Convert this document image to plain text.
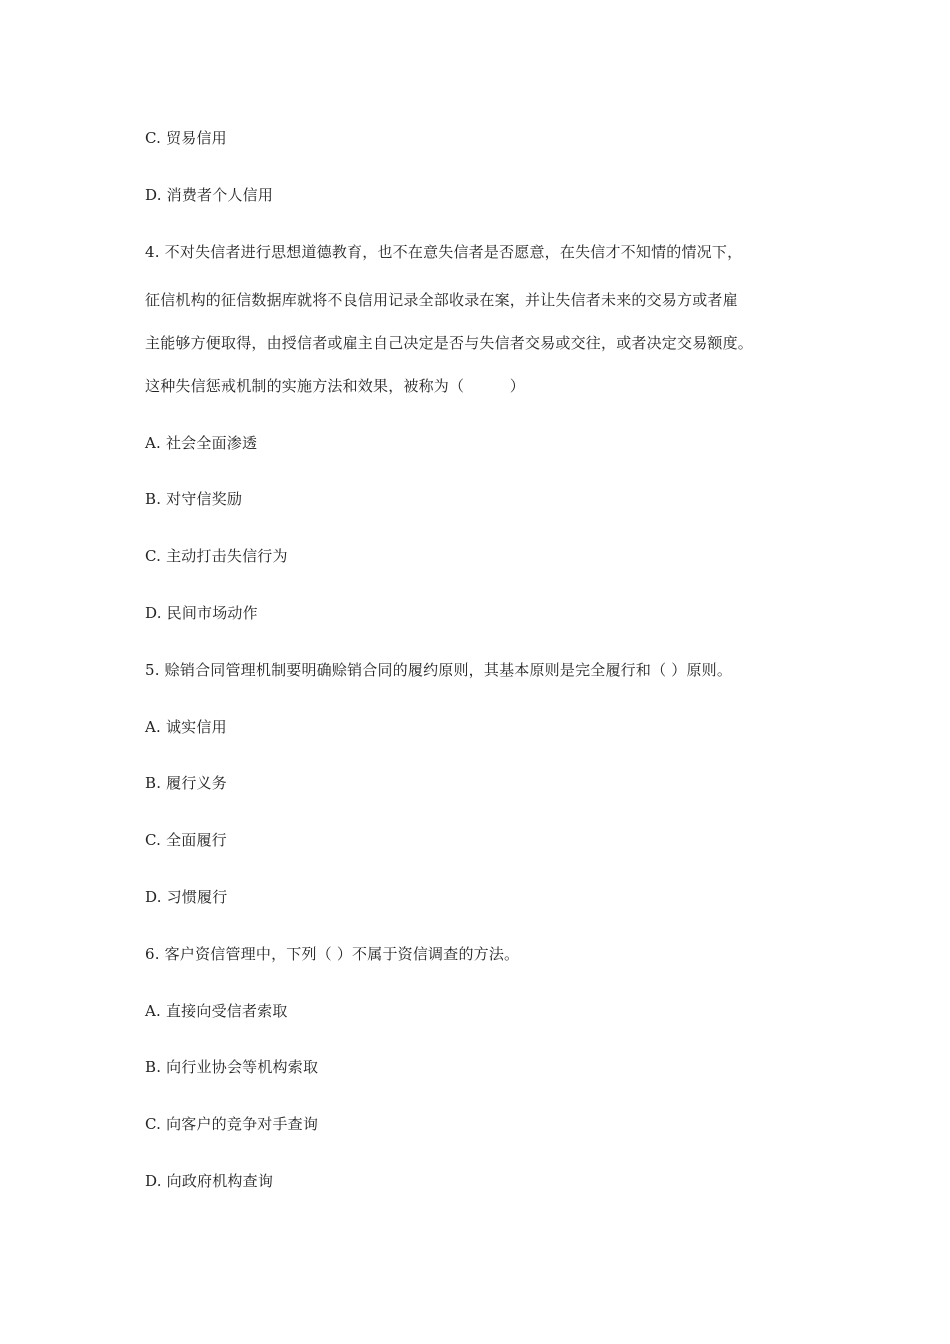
C. 贸易信用
D. 消费者个人信用
4. 不对失信者进行思想道德教育，也不在意失信者是否愿意，在失信才不知情的情况下，
征信机构的征信数据库就将不良信用记录全部收录在案，并让失信者未来的交易方或者雇
主能够方便取得，由授信者或雇主自己决定是否与失信者交易或交往，或者决定交易额度。
这种失信惩戒机制的实施方法和效果，被称为（　　　）
A. 社会全面渗透
B. 对守信奖励
C. 主动打击失信行为
D. 民间市场动作
5. 赊销合同管理机制要明确赊销合同的履约原则，其基本原则是完全履行和（ ）原则。
A. 诚实信用
B. 履行义务
C. 全面履行
D. 习惯履行
6. 客户资信管理中，下列（ ）不属于资信调查的方法。
A. 直接向受信者索取
B. 向行业协会等机构索取
C. 向客户的竞争对手查询
D. 向政府机构查询
